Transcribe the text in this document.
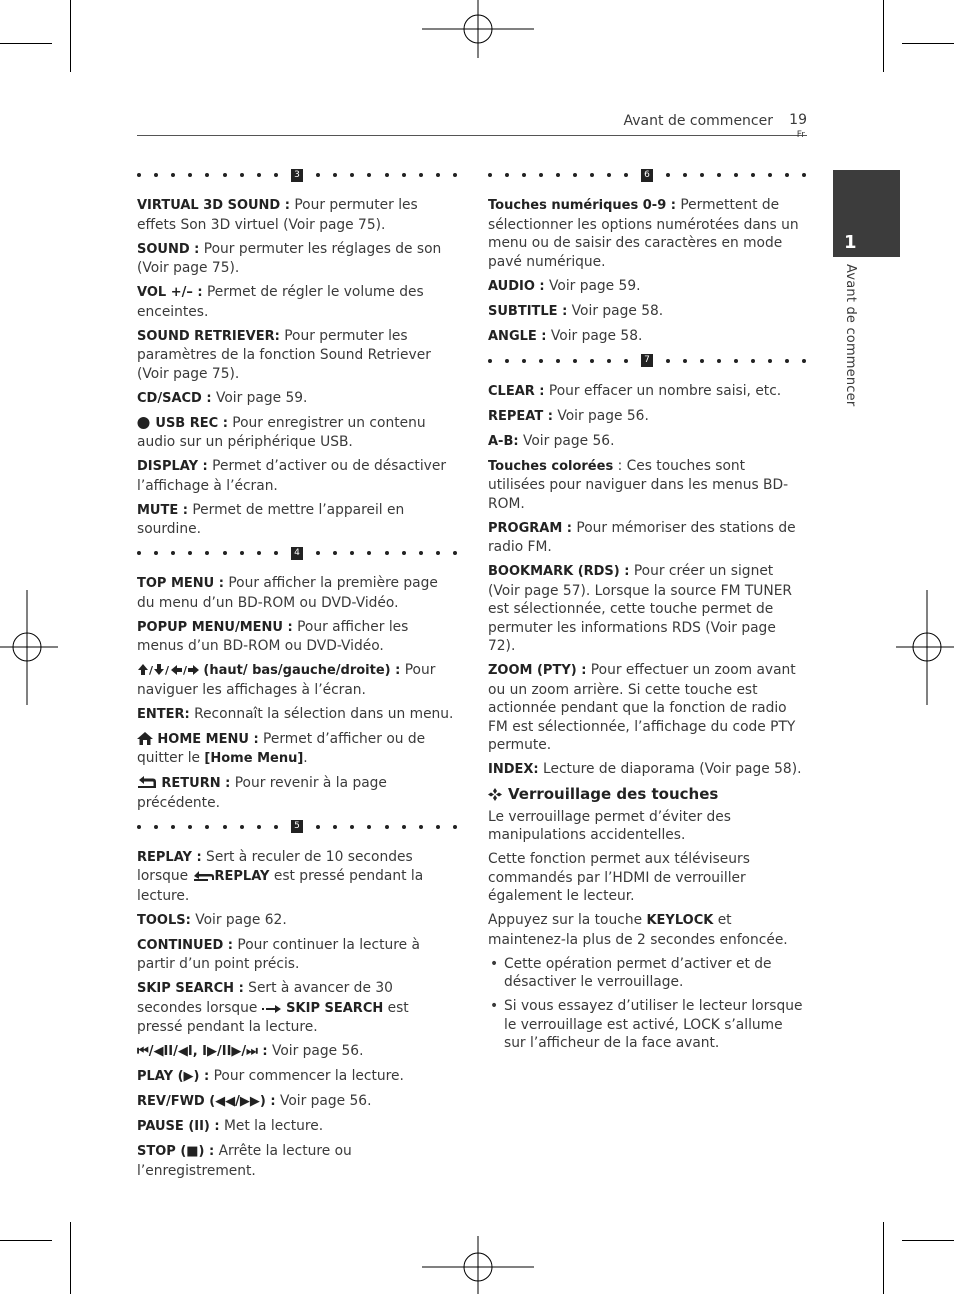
Avant de commencer 19
Fr
1
Avant de commencer
3
VIRTUAL 3D SOUND : Pour permuter les effets Son 3D virtuel (Voir page 75).
SOUND : Pour permuter les réglages de son (Voir page 75).
VOL +/– : Permet de régler le volume des enceintes.
SOUND RETRIEVER: Pour permuter les paramètres de la fonction Sound Retriever (Voir page 75).
CD/SACD : Voir page 59.
USB REC : Pour enregistrer un contenu audio sur un périphérique USB.
DISPLAY : Permet d’activer ou de désactiver l’affichage à l’écran.
MUTE : Permet de mettre l’appareil en sourdine.
4
TOP MENU : Pour afficher la première page du menu d’un BD-ROM ou DVD-Vidéo.
POPUP MENU/MENU : Pour afficher les menus d’un BD-ROM ou DVD-Vidéo.
/ / / (haut/ bas/gauche/droite) : Pour naviguer les affichages à l’écran.
ENTER: Reconnaît la sélection dans un menu.
HOME MENU : Permet d’afficher ou de quitter le [Home Menu].
RETURN : Pour revenir à la page précédente.
5
REPLAY : Sert à reculer de 10 secondes lorsque REPLAY est pressé pendant la lecture.
TOOLS: Voir page 62.
CONTINUED : Pour continuer la lecture à partir d’un point précis.
SKIP SEARCH : Sert à avancer de 30 secondes lorsque  SKIP SEARCH est pressé pendant la lecture.
⏮/◀II/◀I, I▶/II▶/⏭ : Voir page 56.
PLAY (▶) : Pour commencer la lecture.
REV/FWD (◀◀/▶▶) : Voir page 56.
PAUSE (II) : Met la lecture.
STOP (■) : Arrête la lecture ou l’enregistrement.
6
Touches numériques 0-9 : Permettent de sélectionner les options numérotées dans un menu ou de saisir des caractères en mode pavé numérique.
AUDIO : Voir page 59.
SUBTITLE : Voir page 58.
ANGLE : Voir page 58.
7
CLEAR : Pour effacer un nombre saisi, etc.
REPEAT : Voir page 56.
A-B: Voir page 56.
Touches colorées : Ces touches sont utilisées pour naviguer dans les menus BD-ROM.
PROGRAM : Pour mémoriser des stations de radio FM.
BOOKMARK (RDS) : Pour créer un signet (Voir page 57). Lorsque la source FM TUNER est sélectionnée, cette touche permet de permuter les informations RDS (Voir page 72).
ZOOM (PTY) : Pour effectuer un zoom avant ou un zoom arrière. Si cette touche est actionnée pendant que la fonction de radio FM est sélectionnée, l’affichage du code PTY permute.
INDEX: Lecture de diaporama (Voir page 58).
Verrouillage des touches
Le verrouillage permet d’éviter des manipulations accidentelles.
Cette fonction permet aux téléviseurs commandés par l’HDMI de verrouiller également le lecteur.
Appuyez sur la touche KEYLOCK et maintenez-la plus de 2 secondes enfoncée.
• Cette opération permet d’activer et de désactiver le verrouillage.
• Si vous essayez d’utiliser le lecteur lorsque le verrouillage est activé, LOCK s’allume sur l’afficheur de la face avant.
